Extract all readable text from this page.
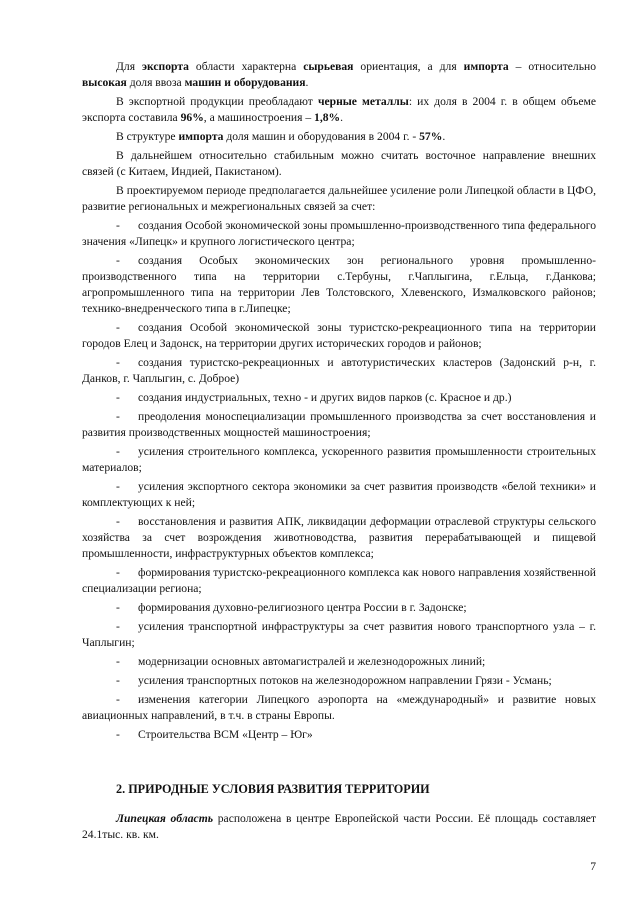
Для экспорта области характерна сырьевая ориентация, а для импорта – относительно высокая доля ввоза машин и оборудования.

В экспортной продукции преобладают черные металлы: их доля в 2004 г. в общем объеме экспорта составила 96%, а машиностроения – 1,8%.

В структуре импорта доля машин и оборудования в 2004 г. - 57%.

В дальнейшем относительно стабильным можно считать восточное направление внешних связей (с Китаем, Индией, Пакистаном).

В проектируемом периоде предполагается дальнейшее усиление роли Липецкой области в ЦФО, развитие региональных и межрегиональных связей за счет:

- создания Особой экономической зоны промышленно-производственного типа федерального значения «Липецк» и крупного логистического центра;

- создания Особых экономических зон регионального уровня промышленно-производственного типа на территории с.Тербуны, г.Чаплыгина, г.Ельца, г.Данкова; агропромышленного типа на территории Лев Толстовского, Хлевенского, Измалковского районов; технико-внедренческого типа в г.Липецке;

- создания Особой экономической зоны туристско-рекреационного типа на территории городов Елец и Задонск, на территории других исторических городов и районов;

- создания туристско-рекреационных и автотуристических кластеров (Задонский р-н, г. Данков, г. Чаплыгин, с. Доброе)

- создания индустриальных, техно - и других видов парков (с. Красное и др.)

- преодоления моноспециализации промышленного производства за счет восстановления и развития производственных мощностей машиностроения;

- усиления строительного комплекса, ускоренного развития промышленности строительных материалов;

- усиления экспортного сектора экономики за счет развития производств «белой техники» и комплектующих к ней;

- восстановления и развития АПК, ликвидации деформации отраслевой структуры сельского хозяйства за счет возрождения животноводства, развития перерабатывающей и пищевой промышленности, инфраструктурных объектов комплекса;

- формирования туристско-рекреационного комплекса как нового направления хозяйственной специализации региона;

- формирования духовно-религиозного центра России в г. Задонске;

- усиления транспортной инфраструктуры за счет развития нового транспортного узла – г. Чаплыгин;

- модернизации основных автомагистралей и железнодорожных линий;

- усиления транспортных потоков на железнодорожном направлении Грязи - Усмань;

- изменения категории Липецкого аэропорта на «международный» и развитие новых авиационных направлений, в т.ч. в страны Европы.

- Строительства ВСМ «Центр – Юг»

2. ПРИРОДНЫЕ УСЛОВИЯ РАЗВИТИЯ ТЕРРИТОРИИ

Липецкая область расположена в центре Европейской части России. Её площадь составляет 24.1тыс. кв. км.

7
